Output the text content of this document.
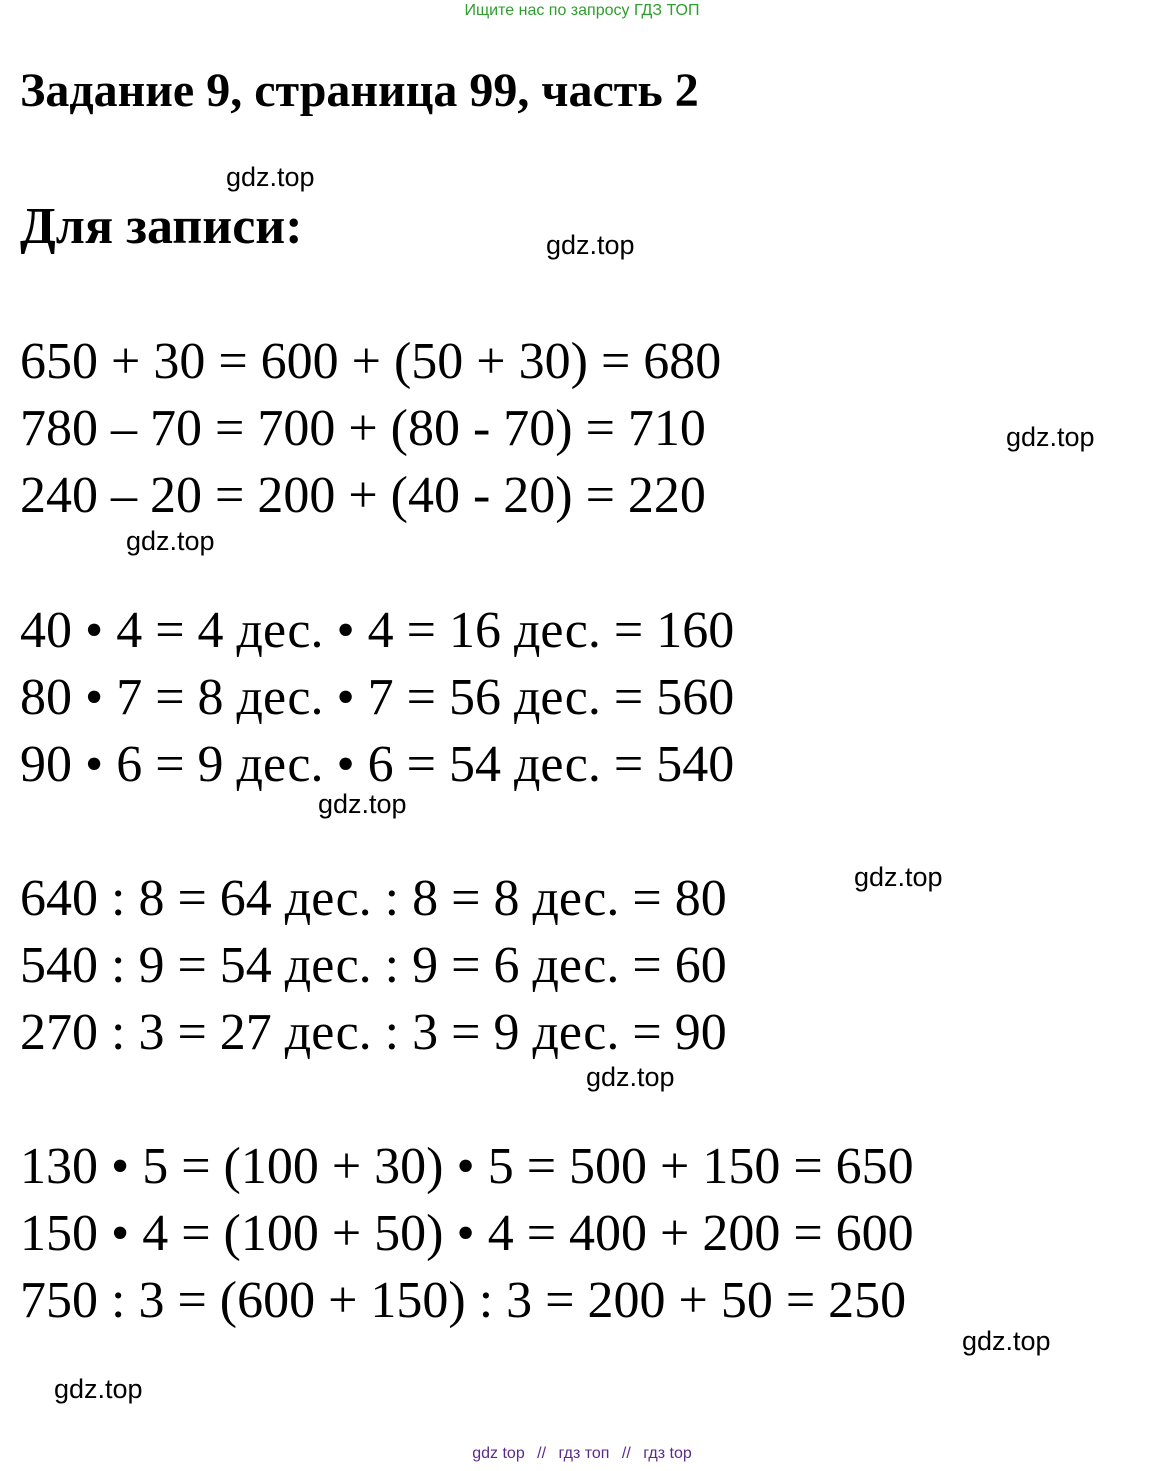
Ищите нас по запросу ГДЗ ТОП
Задание 9, страница 99, часть 2
Для записи:
650 + 30 = 600 + (50 + 30) = 680
780 – 70 = 700 + (80 - 70) = 710
240 – 20 = 200 + (40 - 20) = 220
40 • 4 = 4 дес. • 4 = 16 дес. = 160
80 • 7 = 8 дес. • 7 = 56 дес. = 560
90 • 6 = 9 дес. • 6 = 54 дес. = 540
640 : 8 = 64 дес. : 8 = 8 дес. = 80
540 : 9 = 54 дес. : 9 = 6 дес. = 60
270 : 3 = 27 дес. : 3 = 9 дес. = 90
130 • 5 = (100 + 30) • 5 = 500 + 150 = 650
150 • 4 = (100 + 50) • 4 = 400 + 200 = 600
750 : 3 = (600 + 150) : 3 = 200 + 50 = 250
gdz.top
gdz.top
gdz.top
gdz.top
gdz.top
gdz.top
gdz.top
gdz.top
gdz.top
gdz top // гдз топ // гдз top
